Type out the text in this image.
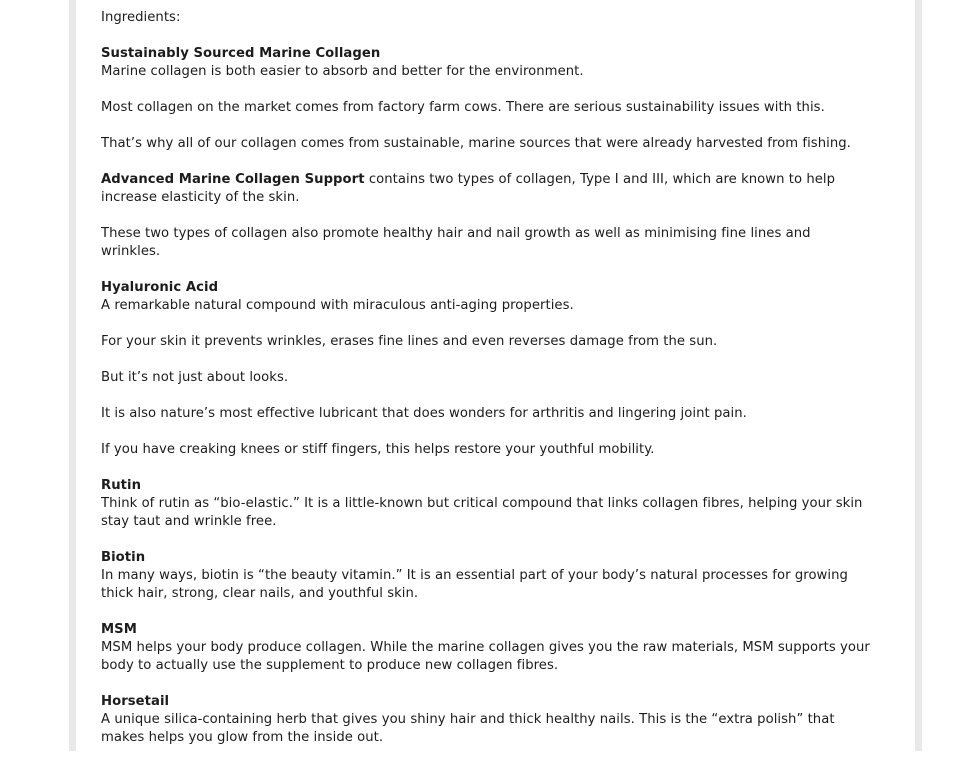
Ingredients:

Sustainably Sourced Marine Collagen
Marine collagen is both easier to absorb and better for the environment.

Most collagen on the market comes from factory farm cows. There are serious sustainability issues with this.

That’s why all of our collagen comes from sustainable, marine sources that were already harvested from fishing.

Advanced Marine Collagen Support contains two types of collagen, Type I and III, which are known to help increase elasticity of the skin.

These two types of collagen also promote healthy hair and nail growth as well as minimising fine lines and wrinkles.

Hyaluronic Acid
A remarkable natural compound with miraculous anti-aging properties.

For your skin it prevents wrinkles, erases fine lines and even reverses damage from the sun.

But it’s not just about looks.

It is also nature’s most effective lubricant that does wonders for arthritis and lingering joint pain.

If you have creaking knees or stiff fingers, this helps restore your youthful mobility.

Rutin
Think of rutin as “bio-elastic.” It is a little-known but critical compound that links collagen fibres, helping your skin stay taut and wrinkle free.

Biotin
In many ways, biotin is “the beauty vitamin.” It is an essential part of your body’s natural processes for growing thick hair, strong, clear nails, and youthful skin.

MSM
MSM helps your body produce collagen. While the marine collagen gives you the raw materials, MSM supports your body to actually use the supplement to produce new collagen fibres.

Horsetail
A unique silica-containing herb that gives you shiny hair and thick healthy nails. This is the “extra polish” that makes helps you glow from the inside out.
